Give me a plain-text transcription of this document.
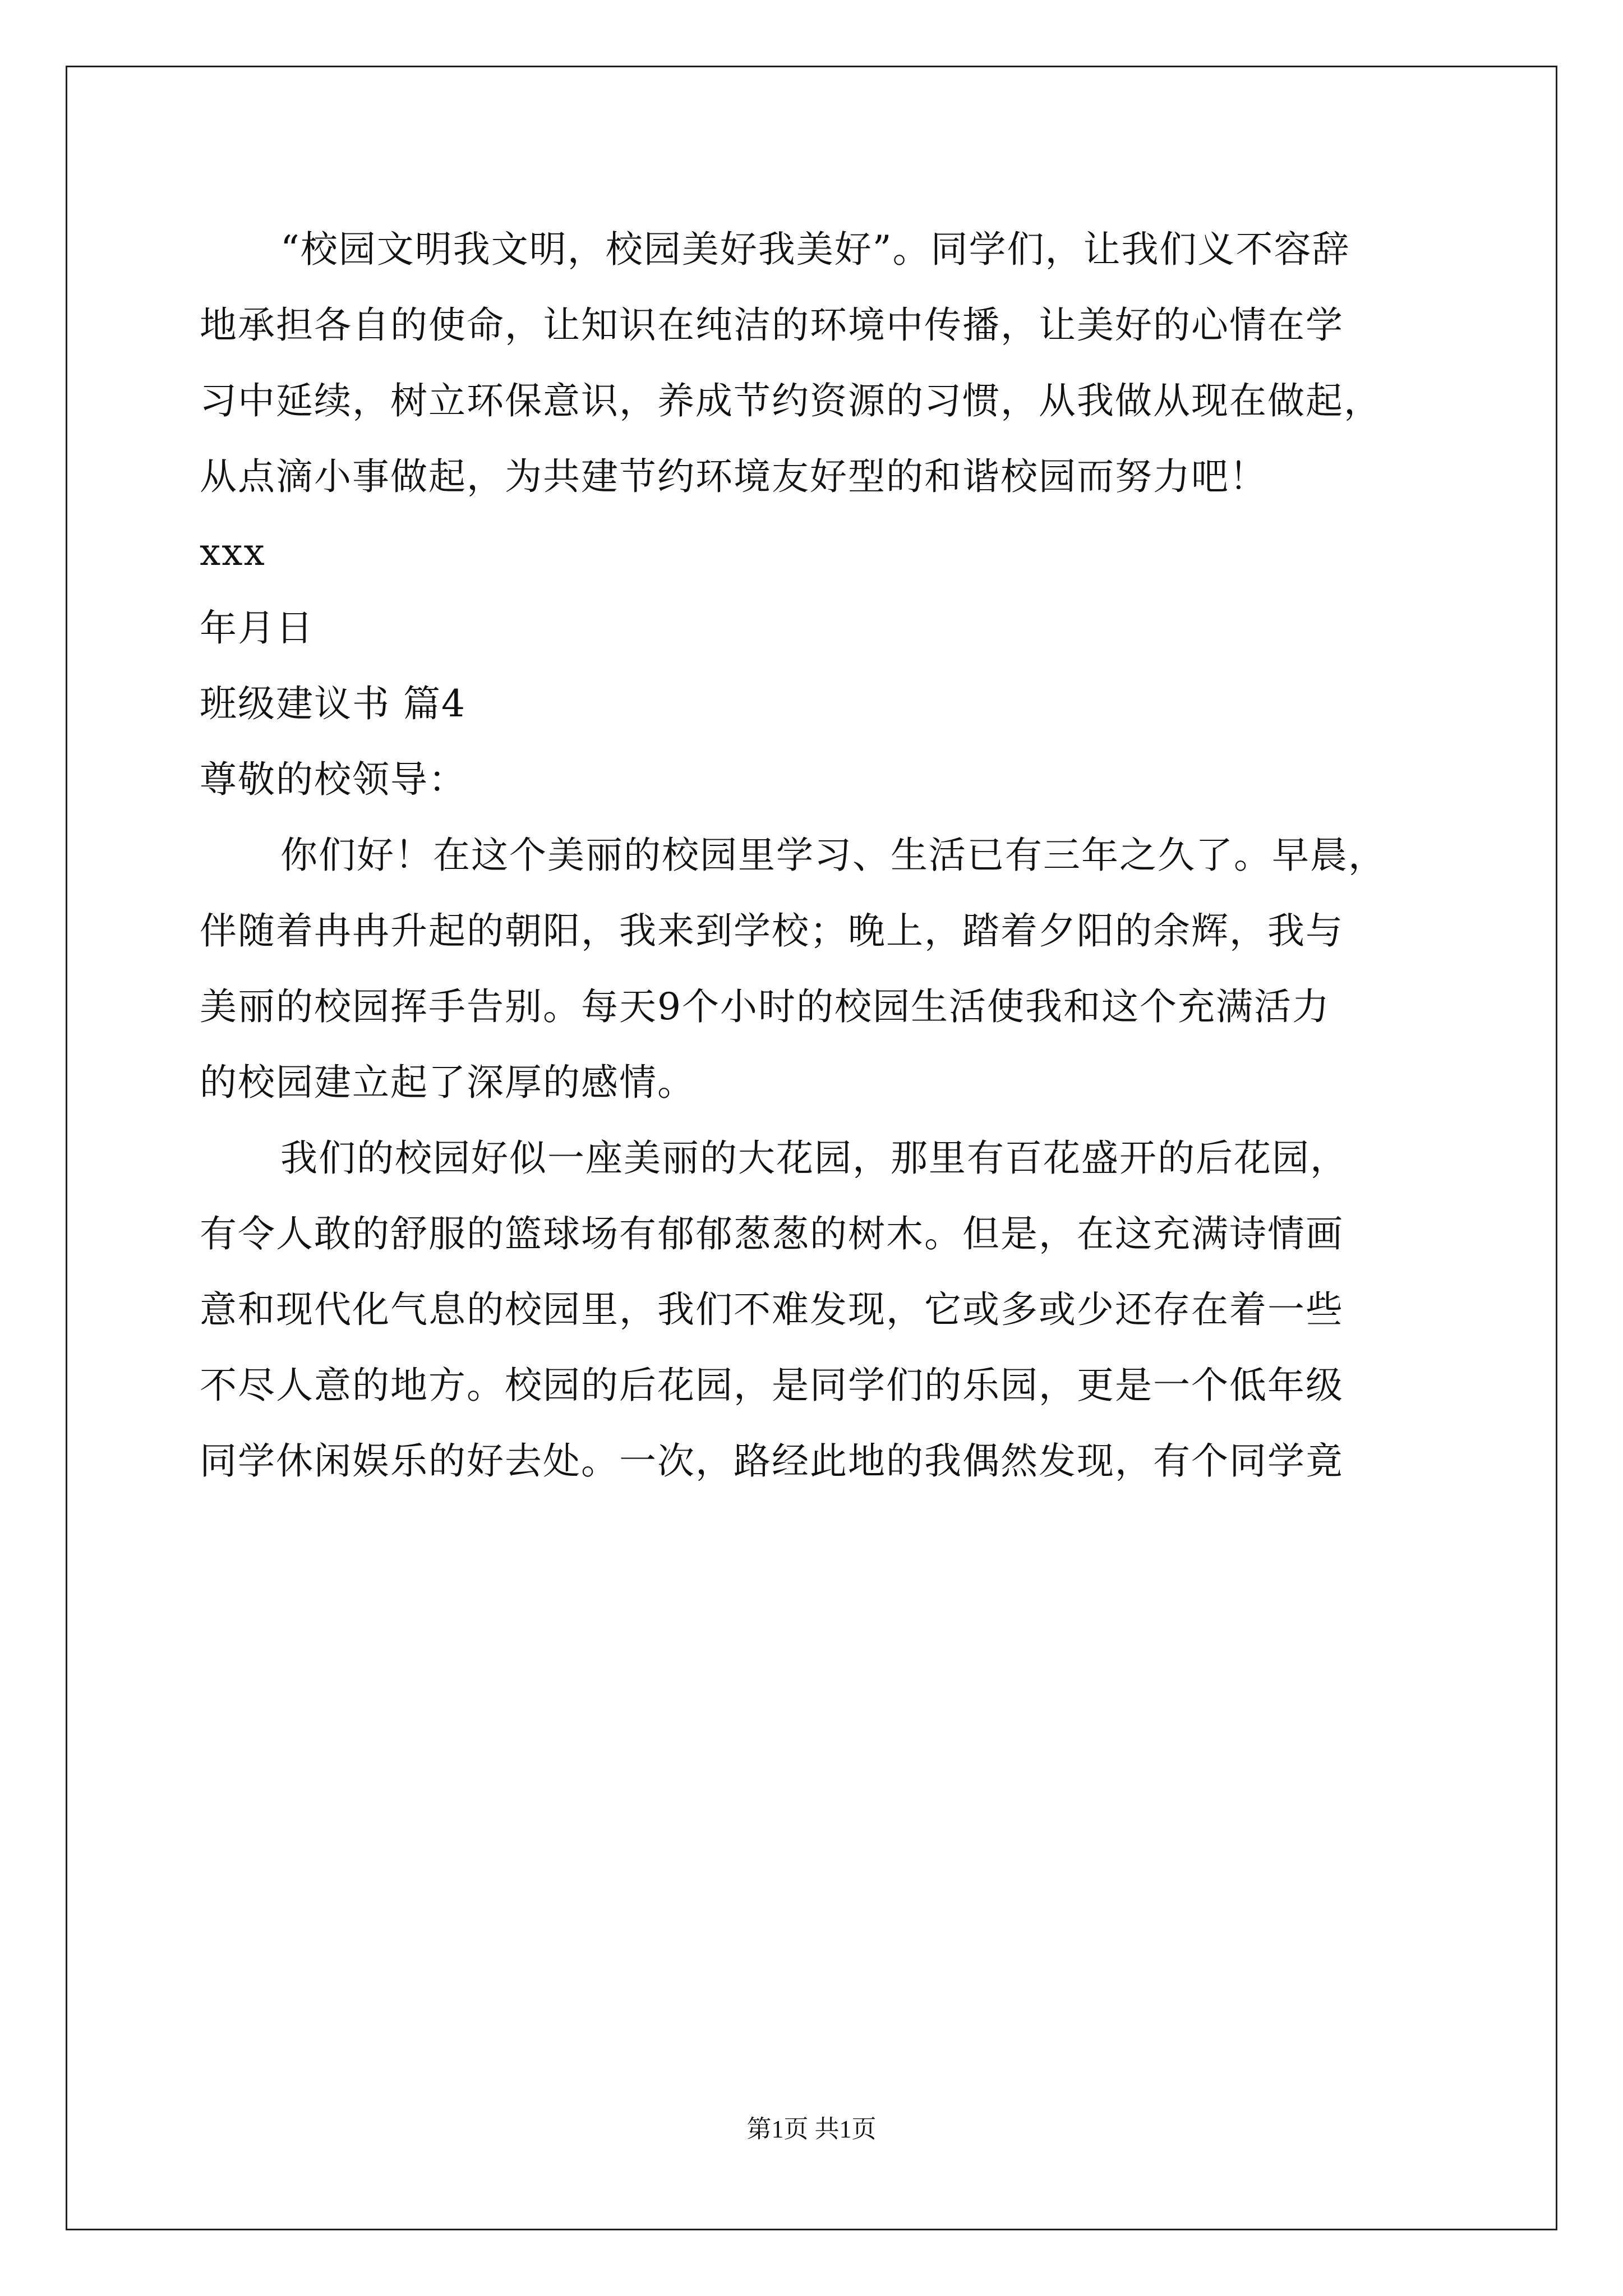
“校园文明我文明，校园美好我美好”。同学们，让我们义不容辞
地承担各自的使命，让知识在纯洁的环境中传播，让美好的心情在学
习中延续，树立环保意识，养成节约资源的习惯，从我做从现在做起，
从点滴小事做起，为共建节约环境友好型的和谐校园而努力吧！
xxx
年月日
班级建议书 篇4
尊敬的校领导：
你们好！在这个美丽的校园里学习、生活已有三年之久了。早晨，
伴随着冉冉升起的朝阳，我来到学校；晚上，踏着夕阳的余辉，我与
美丽的校园挥手告别。每天9个小时的校园生活使我和这个充满活力
的校园建立起了深厚的感情。
我们的校园好似一座美丽的大花园，那里有百花盛开的后花园，
有令人敢的舒服的篮球场有郁郁葱葱的树木。但是，在这充满诗情画
意和现代化气息的校园里，我们不难发现，它或多或少还存在着一些
不尽人意的地方。校园的后花园，是同学们的乐园，更是一个低年级
同学休闲娱乐的好去处。一次，路经此地的我偶然发现，有个同学竟
第1页 共1页
